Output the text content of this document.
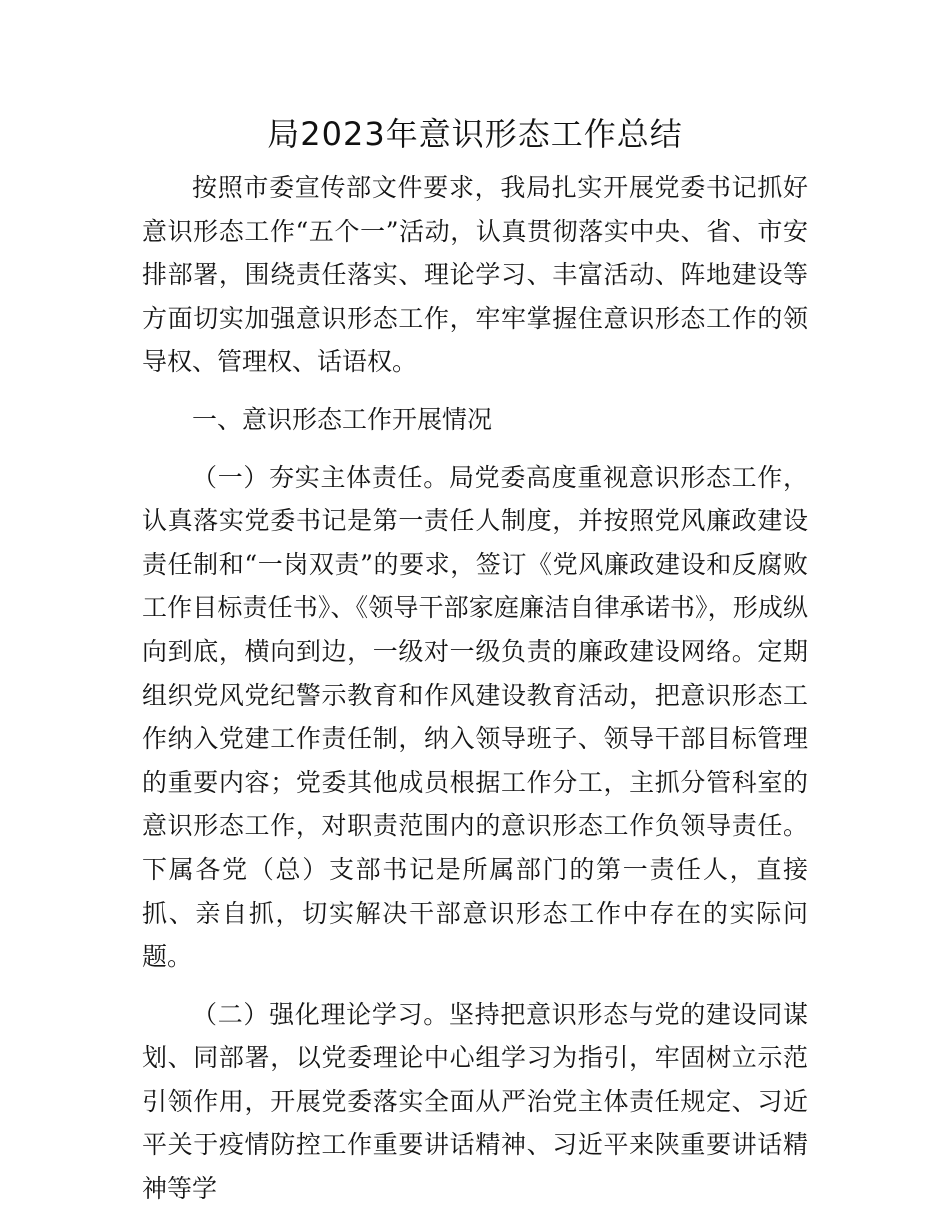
局2023年意识形态工作总结

按照市委宣传部文件要求，我局扎实开展党委书记抓好意识形态工作“五个一”活动，认真贯彻落实中央、省、市安排部署，围绕责任落实、理论学习、丰富活动、阵地建设等方面切实加强意识形态工作，牢牢掌握住意识形态工作的领导权、管理权、话语权。

一、意识形态工作开展情况

（一）夯实主体责任。局党委高度重视意识形态工作，认真落实党委书记是第一责任人制度，并按照党风廉政建设责任制和“一岗双责”的要求，签订《党风廉政建设和反腐败工作目标责任书》、《领导干部家庭廉洁自律承诺书》，形成纵向到底，横向到边，一级对一级负责的廉政建设网络。定期组织党风党纪警示教育和作风建设教育活动，把意识形态工作纳入党建工作责任制，纳入领导班子、领导干部目标管理的重要内容；党委其他成员根据工作分工，主抓分管科室的意识形态工作，对职责范围内的意识形态工作负领导责任。下属各党（总）支部书记是所属部门的第一责任人，直接抓、亲自抓，切实解决干部意识形态工作中存在的实际问题。

（二）强化理论学习。坚持把意识形态与党的建设同谋划、同部署，以党委理论中心组学习为指引，牢固树立示范引领作用，开展党委落实全面从严治党主体责任规定、习近平关于疫情防控工作重要讲话精神、习近平来陕重要讲话精神等学
